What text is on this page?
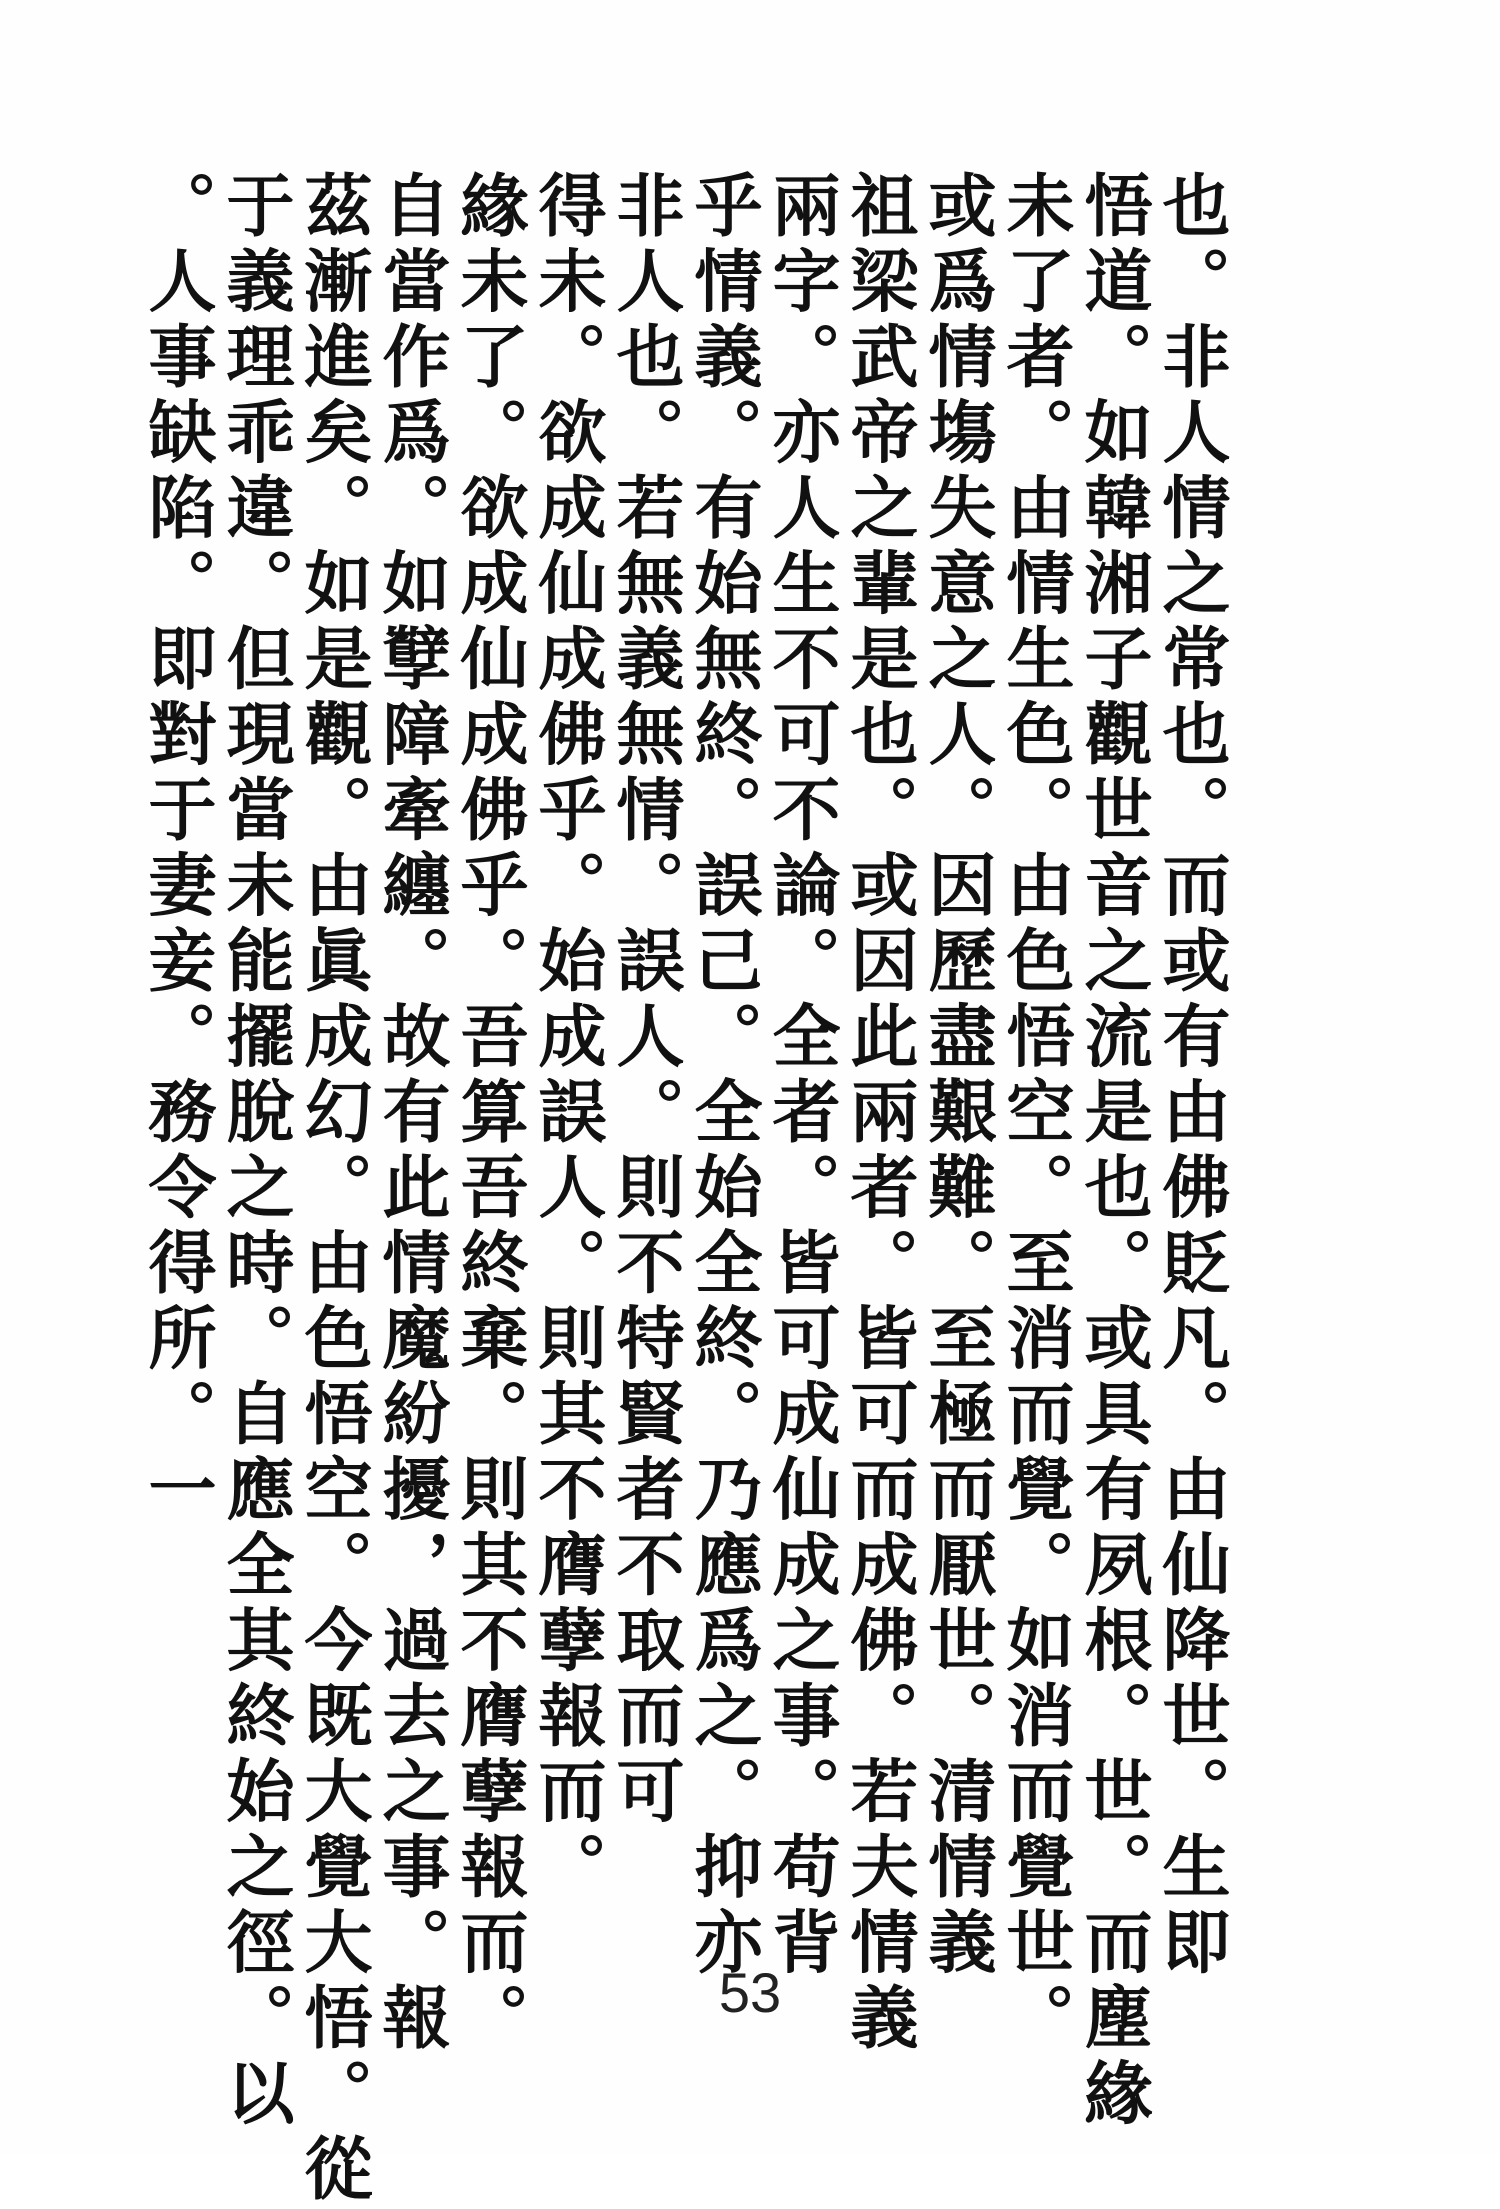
也。非人情之常也。而或有由佛貶凡。由仙降世。生即
悟道。如韓湘子觀世音之流是也。或具有夙根。世。而塵緣
未了者。由情生色。由色悟空。至消而覺。如消而覺世。
或爲情塲失意之人。因歷盡艱難。至極而厭世。清情義
祖梁武帝之輩是也。或因此兩者。皆可而成佛。若夫情義
兩字。亦人生不可不論。全者。皆可成仙成之事。苟背
乎情義。有始無終。誤己。全始全終。乃應爲之。抑亦
非人也。若無義無情。誤人。則不特賢者不取而可
得未。欲成仙成佛乎。始成誤人。則其不膺孽報而。
緣未了。欲成仙成佛乎。吾算吾終棄。則其不膺孽報而。
自當作爲。如孼障牽纏。故有此情魔紛擾，過去之事。報
茲漸進矣。如是觀。由眞成幻。由色悟空。今既大覺大悟。從
于義理乖違。但現當未能擺脫之時。自應全其終始之徑。以
。人事缺陷。即對于妻妾。務令得所。一
53
